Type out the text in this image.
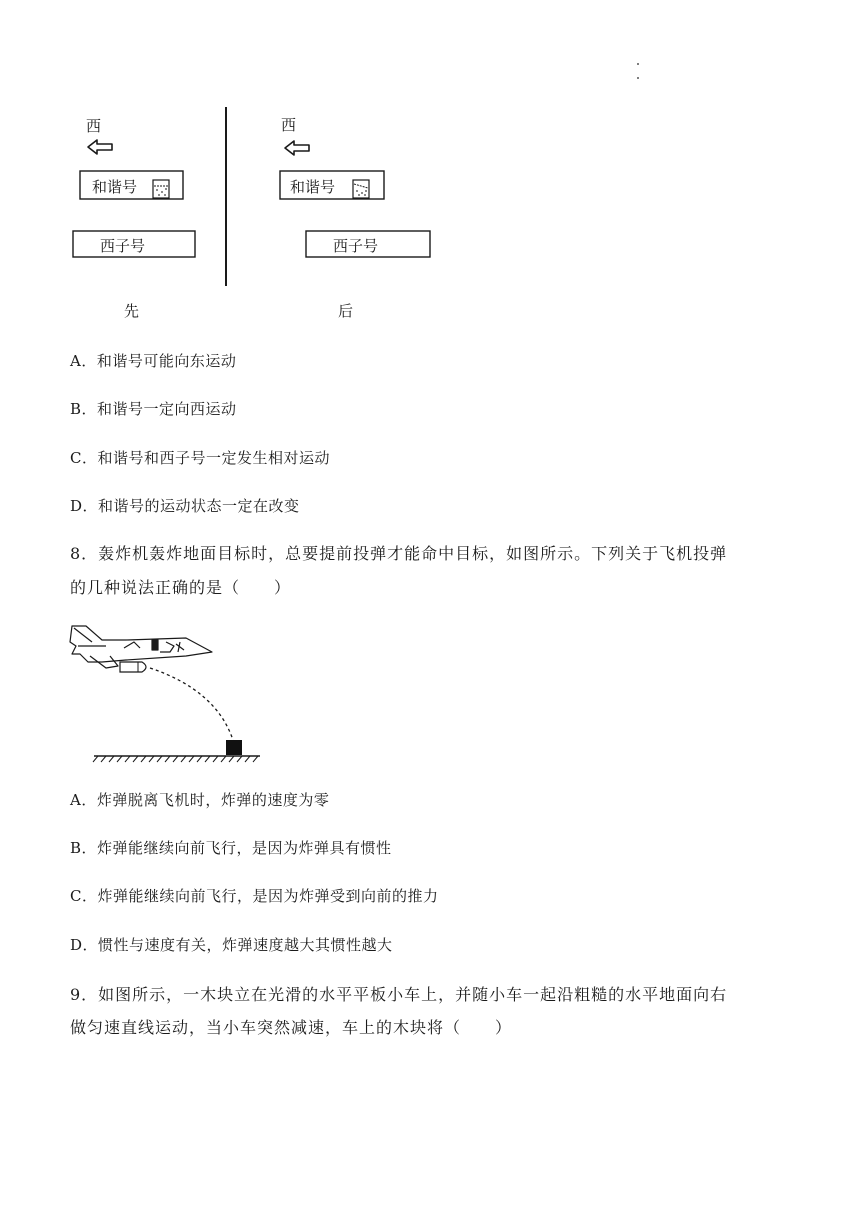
西
和谐号
西子号
先
西
和谐号
西子号
后
A．和谐号可能向东运动
B．和谐号一定向西运动
C．和谐号和西子号一定发生相对运动
D．和谐号的运动状态一定在改变
8．轰炸机轰炸地面目标时，总要提前投弹才能命中目标，如图所示。下列关于飞机投弹
的几种说法正确的是（　　）
A．炸弹脱离飞机时，炸弹的速度为零
B．炸弹能继续向前飞行，是因为炸弹具有惯性
C．炸弹能继续向前飞行，是因为炸弹受到向前的推力
D．惯性与速度有关，炸弹速度越大其惯性越大
9．如图所示，一木块立在光滑的水平平板小车上，并随小车一起沿粗糙的水平地面向右
做匀速直线运动，当小车突然减速，车上的木块将（　　）
